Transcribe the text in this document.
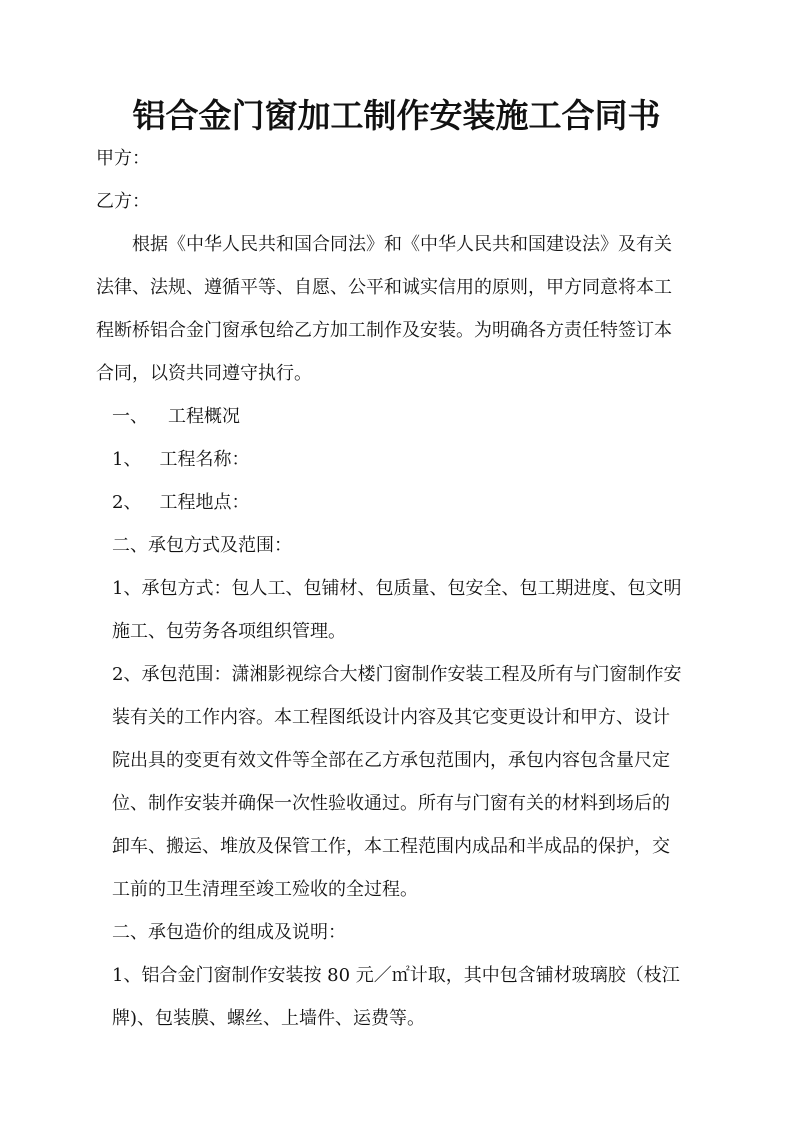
铝合金门窗加工制作安装施工合同书

甲方：

乙方：

根据《中华人民共和国合同法》和《中华人民共和国建设法》及有关

法律、法规、遵循平等、自愿、公平和诚实信用的原则，甲方同意将本工

程断桥铝合金门窗承包给乙方加工制作及安装。为明确各方责任特签订本

合同，以资共同遵守执行。

一、 工程概况

1、 工程名称：

2、 工程地点：

二、承包方式及范围：

1、承包方式：包人工、包铺材、包质量、包安全、包工期进度、包文明

施工、包劳务各项组织管理。

2、承包范围：潇湘影视综合大楼门窗制作安装工程及所有与门窗制作安

装有关的工作内容。本工程图纸设计内容及其它变更设计和甲方、设计

院出具的变更有效文件等全部在乙方承包范围内，承包内容包含量尺定

位、制作安装并确保一次性验收通过。所有与门窗有关的材料到场后的

卸车、搬运、堆放及保管工作，本工程范围内成品和半成品的保护，交

工前的卫生清理至竣工殓收的全过程。

二、承包造价的组成及说明：

1、铝合金门窗制作安装按 80 元／㎡计取，其中包含铺材玻璃胶（枝江

牌)、包装膜、螺丝、上墙件、运费等。
